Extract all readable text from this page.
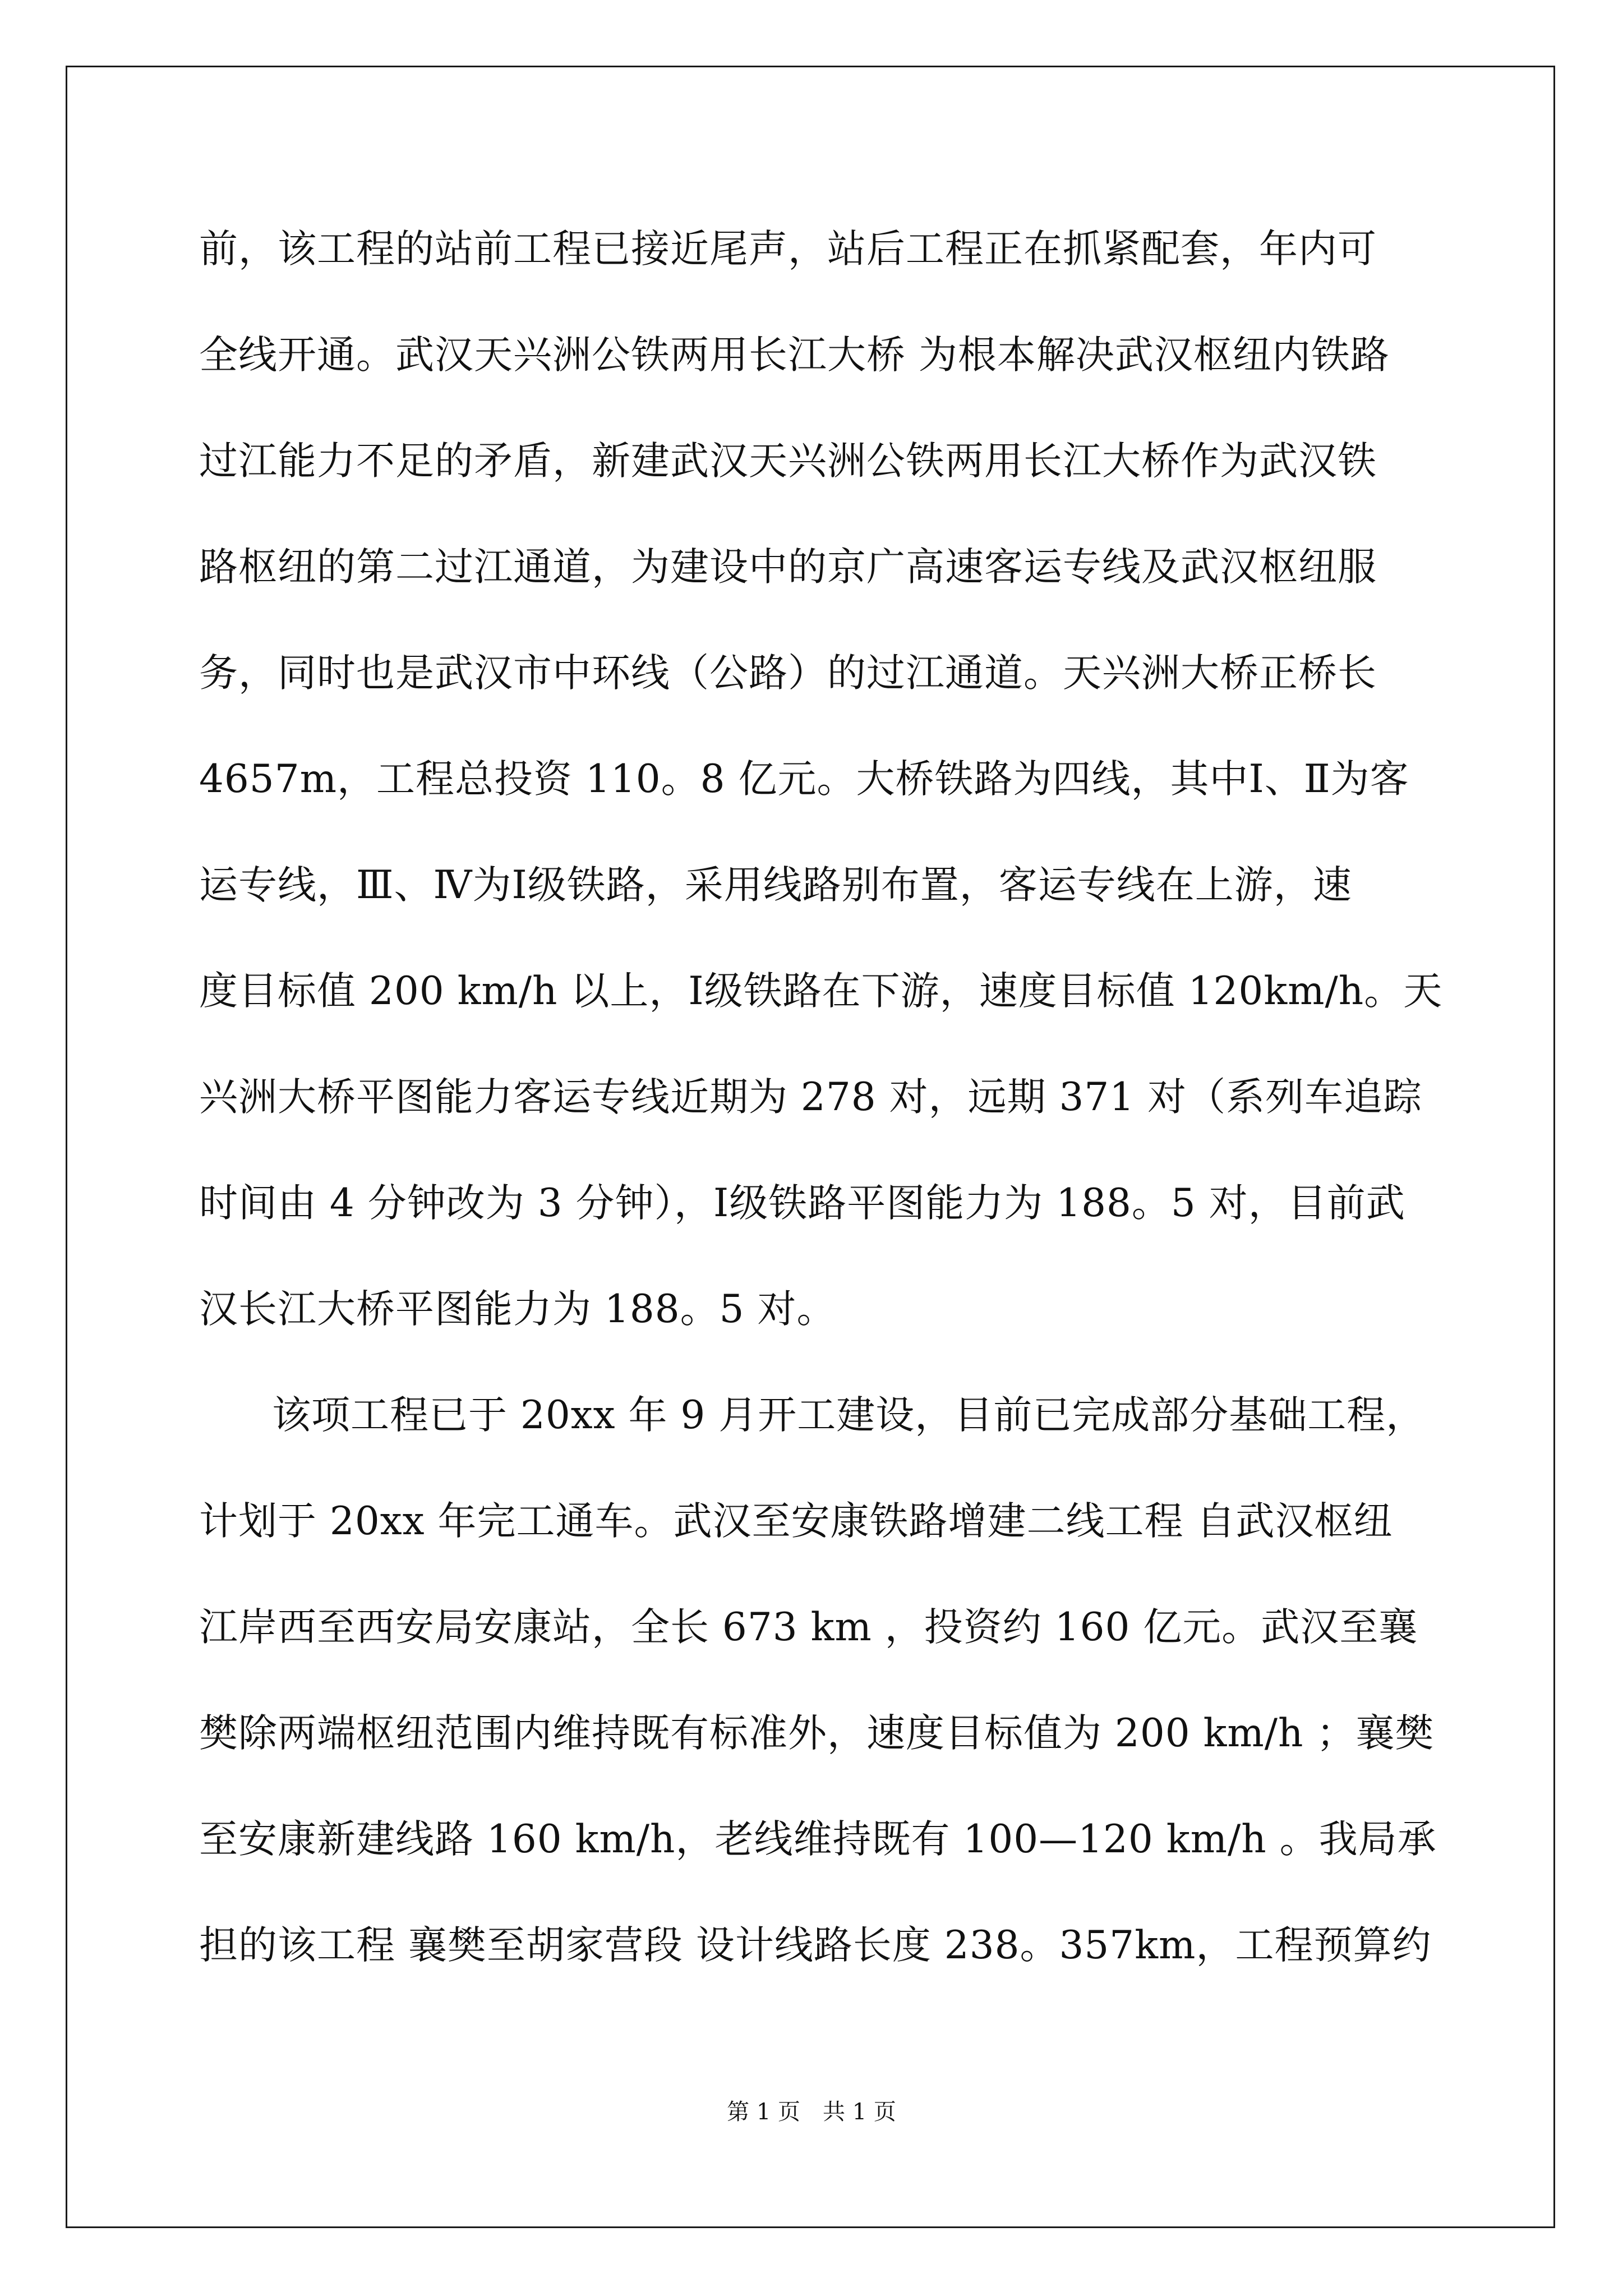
前，该工程的站前工程已接近尾声，站后工程正在抓紧配套，年内可
全线开通。武汉天兴洲公铁两用长江大桥 为根本解决武汉枢纽内铁路
过江能力不足的矛盾，新建武汉天兴洲公铁两用长江大桥作为武汉铁
路枢纽的第二过江通道，为建设中的京广高速客运专线及武汉枢纽服
务，同时也是武汉市中环线（公路）的过江通道。天兴洲大桥正桥长
4657m，工程总投资 110。8 亿元。大桥铁路为四线，其中Ⅰ、Ⅱ为客
运专线，Ⅲ、Ⅳ为Ⅰ级铁路，采用线路别布置，客运专线在上游，速
度目标值 200 km/h 以上，Ⅰ级铁路在下游，速度目标值 120km/h。天
兴洲大桥平图能力客运专线近期为 278 对，远期 371 对（系列车追踪
时间由 4 分钟改为 3 分钟），Ⅰ级铁路平图能力为 188。5 对，目前武
汉长江大桥平图能力为 188。5 对。
该项工程已于 20xx 年 9 月开工建设，目前已完成部分基础工程，
计划于 20xx 年完工通车。武汉至安康铁路增建二线工程 自武汉枢纽
江岸西至西安局安康站，全长 673 km ，投资约 160 亿元。武汉至襄
樊除两端枢纽范围内维持既有标准外，速度目标值为 200 km/h ；襄樊
至安康新建线路 160 km/h，老线维持既有 100—120 km/h 。我局承
担的该工程 襄樊至胡家营段 设计线路长度 238。357km，工程预算约
第 1 页　共 1 页
